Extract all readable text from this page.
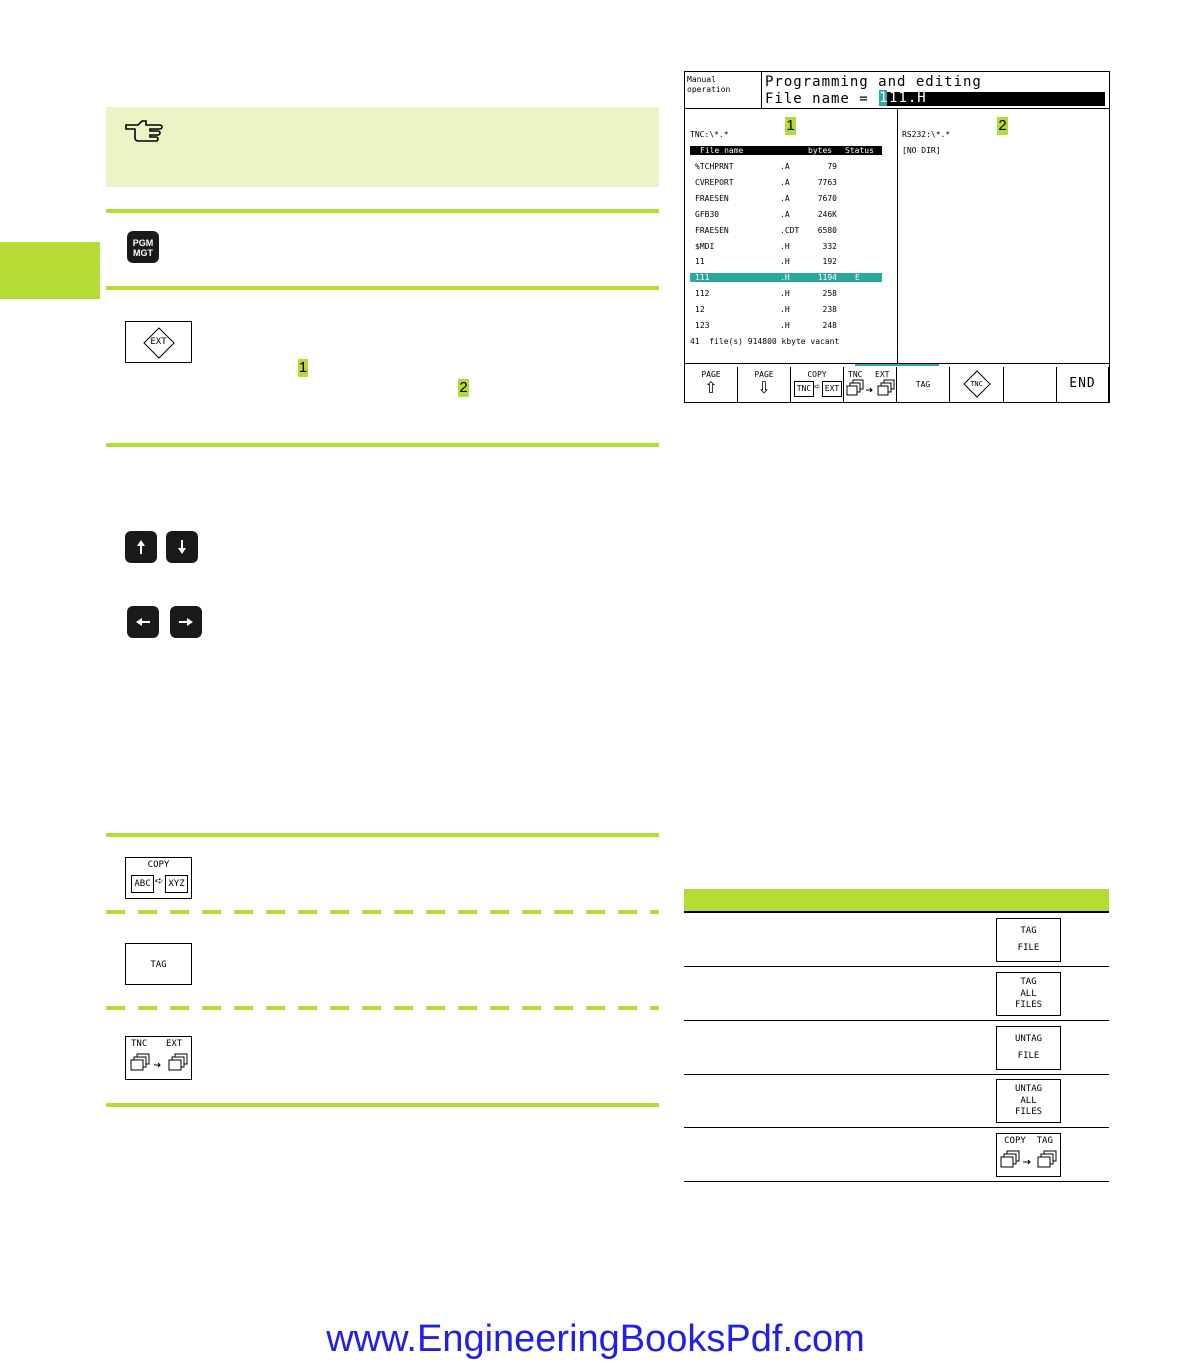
PGM
MGT
EXT
1
2
COPY
ABC ➪ XYZ
TAG
TNC EXT
Manual
operation Programming and editing
File name = 1 11.H
1	2
TNC:\*.*
File name	bytes Status
41  file(s) 914800 kbyte vacant
RS232:\*.*
[NO DIR]
PAGE
⇧
PAGE
⇩
COPY
TNC ➪ EXT
TNC EXT
TAG	TNC	END
%TCHPRNT	.A	79
CVREPORT	.A	7763
FRAESEN	.A	7670
GFB30	.A	246K
FRAESEN	.CDT	6580
$MDI	.H	332
11	.H	192
111	.H	1194 E
112	.H	258
12	.H	238
123	.H	248
TAG
FILE
TAG
ALL
FILES
UNTAG
FILE
UNTAG
ALL
FILES
COPY  TAG
www.EngineeringBooksPdf.com
